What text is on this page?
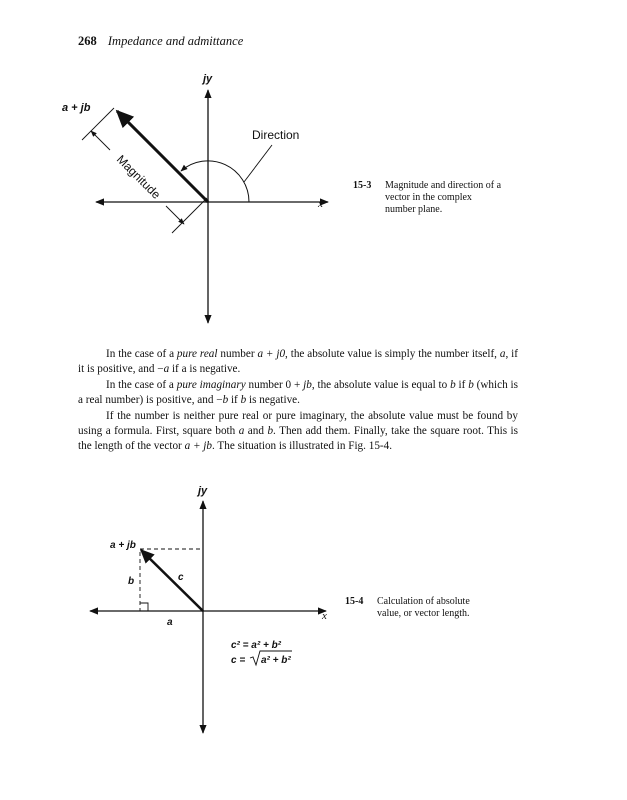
268 Impedance and admittance
jy
x
a + jb
Direction
Magnitude	15-3 Magnitude and direction of a vector in the complex number plane.

In the case of a pure real number a + j0, the absolute value is simply the number itself, a, if it is positive, and −a if a is negative.

In the case of a pure imaginary number 0 + jb, the absolute value is equal to b if b (which is a real number) is positive, and −b if b is negative.

If the number is neither pure real or pure imaginary, the absolute value must be found by using a formula. First, square both a and b. Then add them. Finally, take the square root. This is the length of the vector a + jb. The situation is illustrated in Fig. 15-4.

jy
x
a + jb
b	c
a
c² = a² + b²
c = a² + b²
15-4 Calculation of absolute value, or vector length.
